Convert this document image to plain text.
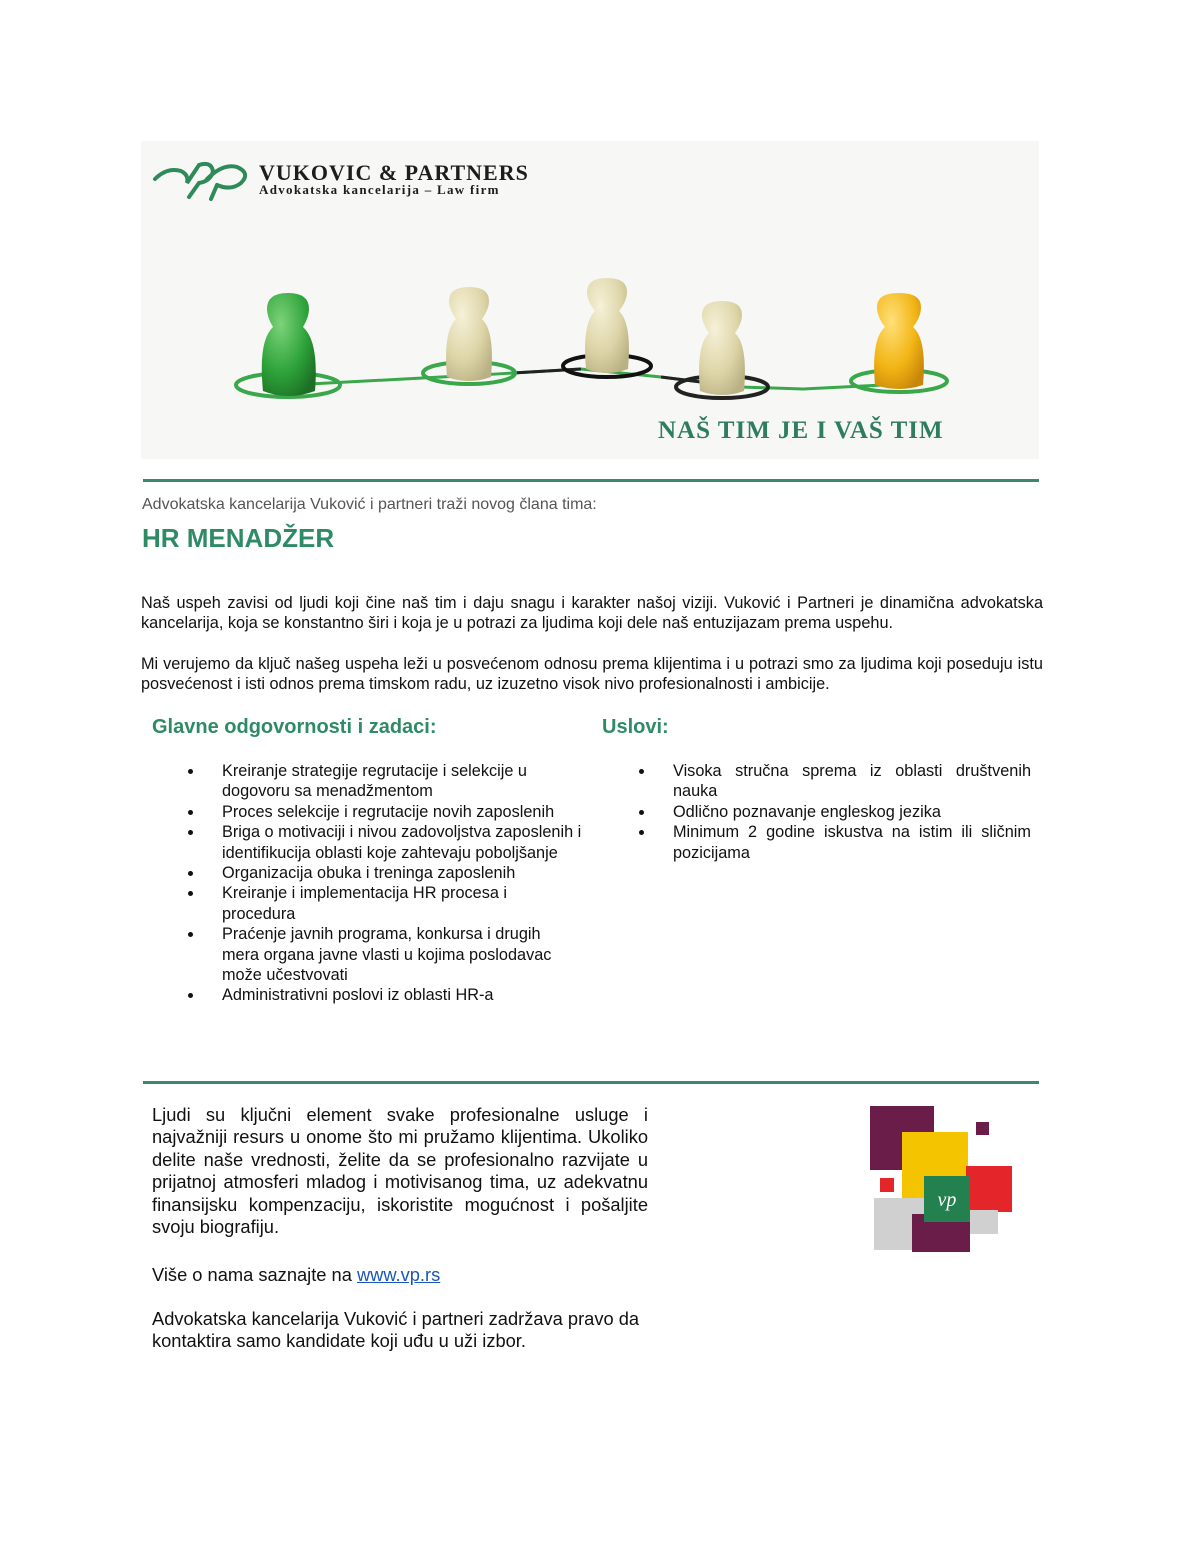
VUKOVIC & PARTNERS
Advokatska kancelarija – Law firm
NAŠ TIM JE I VAŠ TIM
Advokatska kancelarija Vuković i partneri traži novog člana tima:
HR MENADŽER

Naš uspeh zavisi od ljudi koji čine naš tim i daju snagu i karakter našoj viziji. Vuković i Partneri je dinamična advokatska kancelarija, koja se konstantno širi i koja je u potrazi za ljudima koji dele naš entuzijazam prema uspehu.

Mi verujemo da ključ našeg uspeha leži u posvećenom odnosu prema klijentima i u potrazi smo za ljudima koji poseduju istu posvećenost i isti odnos prema timskom radu, uz izuzetno visok nivo profesionalnosti i ambicije.

Glavne odgovornosti i zadaci:
Kreiranje strategije regrutacije i selekcije u dogovoru sa menadžmentom
Proces selekcije i regrutacije novih zaposlenih
Briga o motivaciji i nivou zadovoljstva zaposlenih i identifikucija oblasti koje zahtevaju poboljšanje
Organizacija obuka i treninga zaposlenih
Kreiranje i implementacija HR procesa i procedura
Praćenje javnih programa, konkursa i drugih mera organa javne vlasti u kojima poslodavac može učestvovati
Administrativni poslovi iz oblasti HR-a
Uslovi:
Visoka stručna sprema iz oblasti društvenih nauka
Odlično poznavanje engleskog jezika
Minimum 2 godine iskustva na istim ili sličnim pozicijama

Ljudi su ključni element svake profesionalne usluge i najvažniji resurs u onome što mi pružamo klijentima. Ukoliko delite naše vrednosti, želite da se profesionalno razvijate u prijatnoj atmosferi mladog i motivisanog tima, uz adekvatnu finansijsku kompenzaciju, iskoristite mogućnost i pošaljite svoju biografiju.

Više o nama saznajte na www.vp.rs

Advokatska kancelarija Vuković i partneri zadržava pravo da kontaktira samo kandidate koji uđu u uži izbor.

vp
